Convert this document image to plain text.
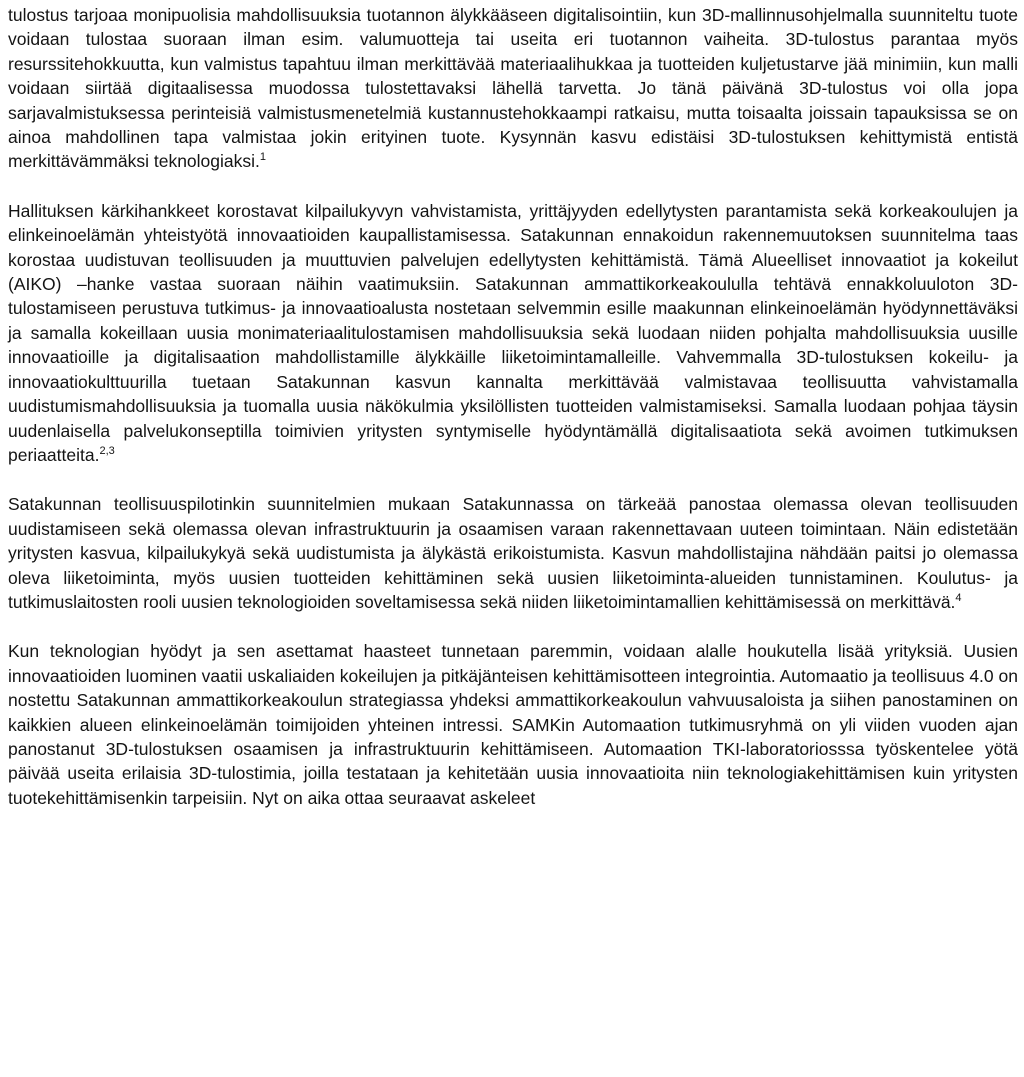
tulostus tarjoaa monipuolisia mahdollisuuksia tuotannon älykkääseen digitalisointiin, kun 3D-mallinnusohjelmalla suunniteltu tuote voidaan tulostaa suoraan ilman esim. valumuotteja tai useita eri tuotannon vaiheita. 3D-tulostus parantaa myös resurssitehokkuutta, kun valmistus tapahtuu ilman merkittävää materiaalihukkaa ja tuotteiden kuljetustarve jää minimiin, kun malli voidaan siirtää digitaalisessa muodossa tulostettavaksi lähellä tarvetta. Jo tänä päivänä 3D-tulostus voi olla jopa sarjavalmistuksessa perinteisiä valmistusmenetelmiä kustannustehokkaampi ratkaisu, mutta toisaalta joissain tapauksissa se on ainoa mahdollinen tapa valmistaa jokin erityinen tuote. Kysynnän kasvu edistäisi 3D-tulostuksen kehittymistä entistä merkittävämmäksi teknologiaksi.$^1$

Hallituksen kärkihankkeet korostavat kilpailukyvyn vahvistamista, yrittäjyyden edellytysten parantamista sekä korkeakoulujen ja elinkeinoelämän yhteistyötä innovaatioiden kaupallistamisessa. Satakunnan ennakoidun rakennemuutoksen suunnitelma taas korostaa uudistuvan teollisuuden ja muuttuvien palvelujen edellytysten kehittämistä. Tämä Alueelliset innovaatiot ja kokeilut (AIKO) –hanke vastaa suoraan näihin vaatimuksiin. Satakunnan ammattikorkeakoululla tehtävä ennakkoluuloton 3D-tulostamiseen perustuva tutkimus- ja innovaatioalusta nostetaan selvemmin esille maakunnan elinkeinoelämän hyödynnettäväksi ja samalla kokeillaan uusia monimateriaalitulostamisen mahdollisuuksia sekä luodaan niiden pohjalta mahdollisuuksia uusille innovaatioille ja digitalisaation mahdollistamille älykkäille liiketoimintamalleille. Vahvemmalla 3D-tulostuksen kokeilu- ja innovaatiokulttuurilla tuetaan Satakunnan kasvun kannalta merkittävää valmistavaa teollisuutta vahvistamalla uudistumismahdollisuuksia ja tuomalla uusia näkökulmia yksilöllisten tuotteiden valmistamiseksi. Samalla luodaan pohjaa täysin uudenlaisella palvelukonseptilla toimivien yritysten syntymiselle hyödyntämällä digitalisaatiota sekä avoimen tutkimuksen periaatteita.$^{2,3}$

Satakunnan teollisuuspilotinkin suunnitelmien mukaan Satakunnassa on tärkeää panostaa olemassa olevan teollisuuden uudistamiseen sekä olemassa olevan infrastruktuurin ja osaamisen varaan rakennettavaan uuteen toimintaan. Näin edistetään yritysten kasvua, kilpailukykyä sekä uudistumista ja älykästä erikoistumista. Kasvun mahdollistajina nähdään paitsi jo olemassa oleva liiketoiminta, myös uusien tuotteiden kehittäminen sekä uusien liiketoiminta-alueiden tunnistaminen. Koulutus- ja tutkimuslaitosten rooli uusien teknologioiden soveltamisessa sekä niiden liiketoimintamallien kehittämisessä on merkittävä.$^4$

Kun teknologian hyödyt ja sen asettamat haasteet tunnetaan paremmin, voidaan alalle houkutella lisää yrityksiä. Uusien innovaatioiden luominen vaatii uskaliaiden kokeilujen ja pitkäjänteisen kehittämisotteen integrointia. Automaatio ja teollisuus 4.0 on nostettu Satakunnan ammattikorkeakoulun strategiassa yhdeksi ammattikorkeakoulun vahvuusaloista ja siihen panostaminen on kaikkien alueen elinkeinoelämän toimijoiden yhteinen intressi. SAMKin Automaation tutkimusryhmä on yli viiden vuoden ajan panostanut 3D-tulostuksen osaamisen ja infrastruktuurin kehittämiseen. Automaation TKI-laboratoriosssa työskentelee yötä päivää useita erilaisia 3D-tulostimia, joilla testataan ja kehitetään uusia innovaatioita niin teknologiakehittämisen kuin yritysten tuotekehittämisenkin tarpeisiin. Nyt on aika ottaa seuraavat askeleet
